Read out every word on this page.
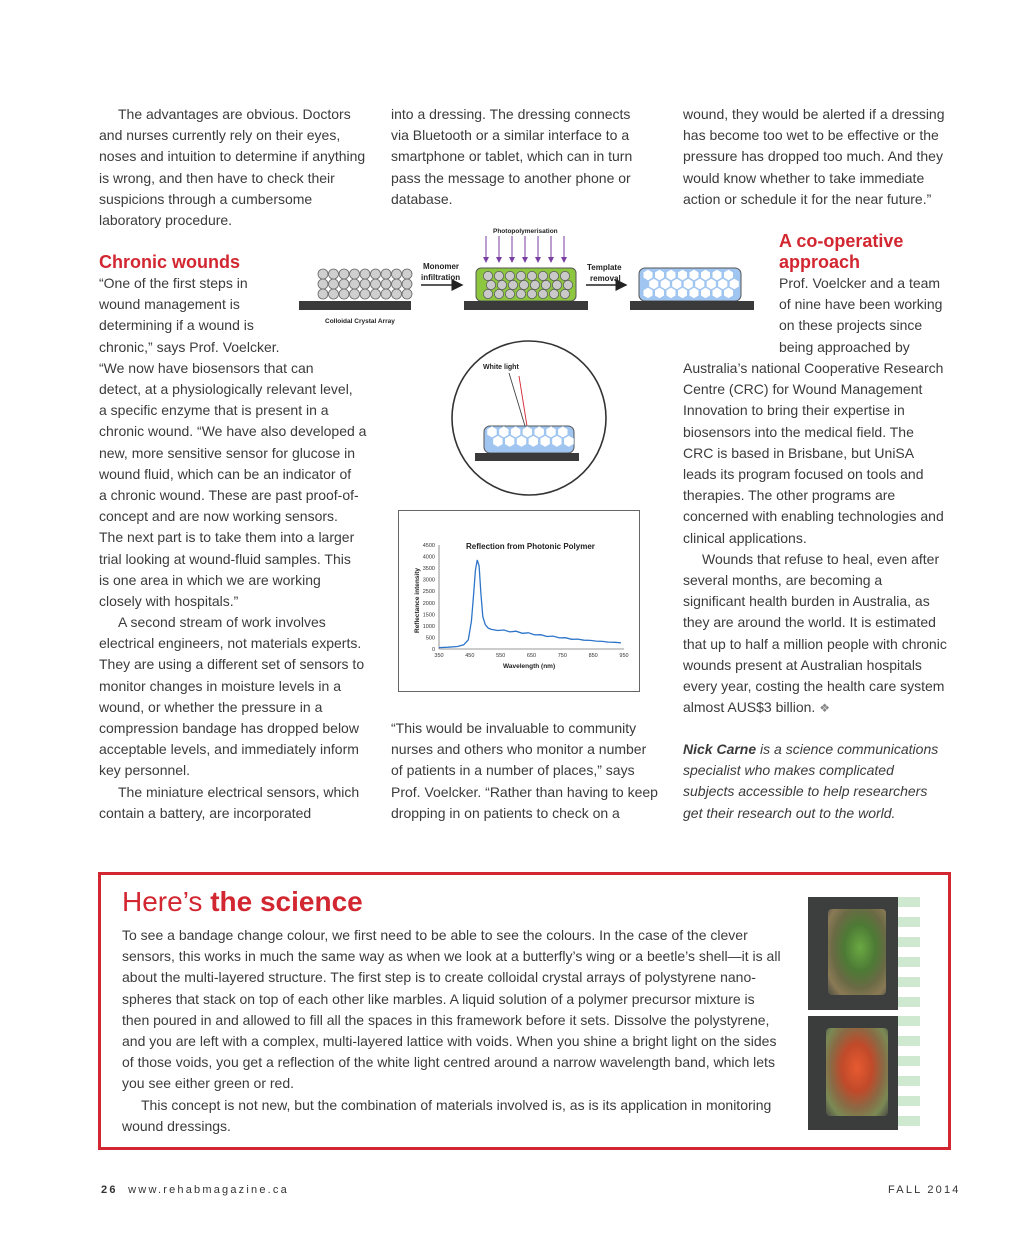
The advantages are obvious. Doctors and nurses currently rely on their eyes, noses and intuition to determine if anything is wrong, and then have to check their suspicions through a cumbersome laboratory procedure.

Chronic wounds
“One of the first steps in
wound management is
determining if a wound is
chronic,” says Prof. Voelcker.
“We now have biosensors that can
detect, at a physiologically relevant level,
a specific enzyme that is present in a
chronic wound. “We have also developed a
new, more sensitive sensor for glucose in
wound fluid, which can be an indicator of
a chronic wound. These are past proof-of-
concept and are now working sensors.
The next part is to take them into a larger
trial looking at wound-fluid samples. This
is one area in which we are working
closely with hospitals.”

A second stream of work involves electrical engineers, not materials experts. They are using a different set of sensors to monitor changes in moisture levels in a wound, or whether the pressure in a compression bandage has dropped below acceptable levels, and immediately inform key personnel.

The miniature electrical sensors, which contain a battery, are incorporated

into a dressing. The dressing connects via Bluetooth or a similar interface to a smartphone or tablet, which can in turn pass the message to another phone or database.

“This would be invaluable to community nurses and others who monitor a number of patients in a number of places,” says Prof. Voelcker. “Rather than having to keep dropping in on patients to check on a

wound, they would be alerted if a dressing has become too wet to be effective or the pressure has dropped too much. And they would know whether to take immediate action or schedule it for the near future.”

A co-operative
approach
Prof. Voelcker and a team
of nine have been working
on these projects since
being approached by

Australia’s national Cooperative Research Centre (CRC) for Wound Management Innovation to bring their expertise in biosensors into the medical field. The CRC is based in Brisbane, but UniSA leads its program focused on tools and therapies. The other programs are concerned with enabling technologies and clinical applications.

Wounds that refuse to heal, even after several months, are becoming a significant health burden in Australia, as they are around the world. It is estimated that up to half a million people with chronic wounds present at Australian hospitals every year, costing the health care system almost AUS$3 billion. ❖

Nick Carne is a science communications specialist who makes complicated subjects accessible to help researchers get their research out to the world.

Colloidal Crystal Array
Monomer
infiltration
Photopolymerisation
Template
removal
White light
Reflection from Photonic Polymer
Wavelength (nm)
Reflectance intensity
350	450	550	650	750	850	950
0
500
1000
1500
2000
2500
3000
3500
4000
4500
Here’s the science

To see a bandage change colour, we first need to be able to see the colours. In the case of the clever sensors, this works in much the same way as when we look at a butterfly’s wing or a beetle’s shell—it is all about the multi-layered structure. The first step is to create colloidal crystal arrays of polystyrene nano-spheres that stack on top of each other like marbles. A liquid solution of a polymer precursor mixture is then poured in and allowed to fill all the spaces in this framework before it sets. Dissolve the polystyrene, and you are left with a complex, multi-layered lattice with voids. When you shine a bright light on the sides of those voids, you get a reflection of the white light centred around a narrow wavelength band, which lets you see either green or red.

This concept is not new, but the combination of materials involved is, as is its application in monitoring wound dressings.

26 www.rehabmagazine.ca	FALL 2014
